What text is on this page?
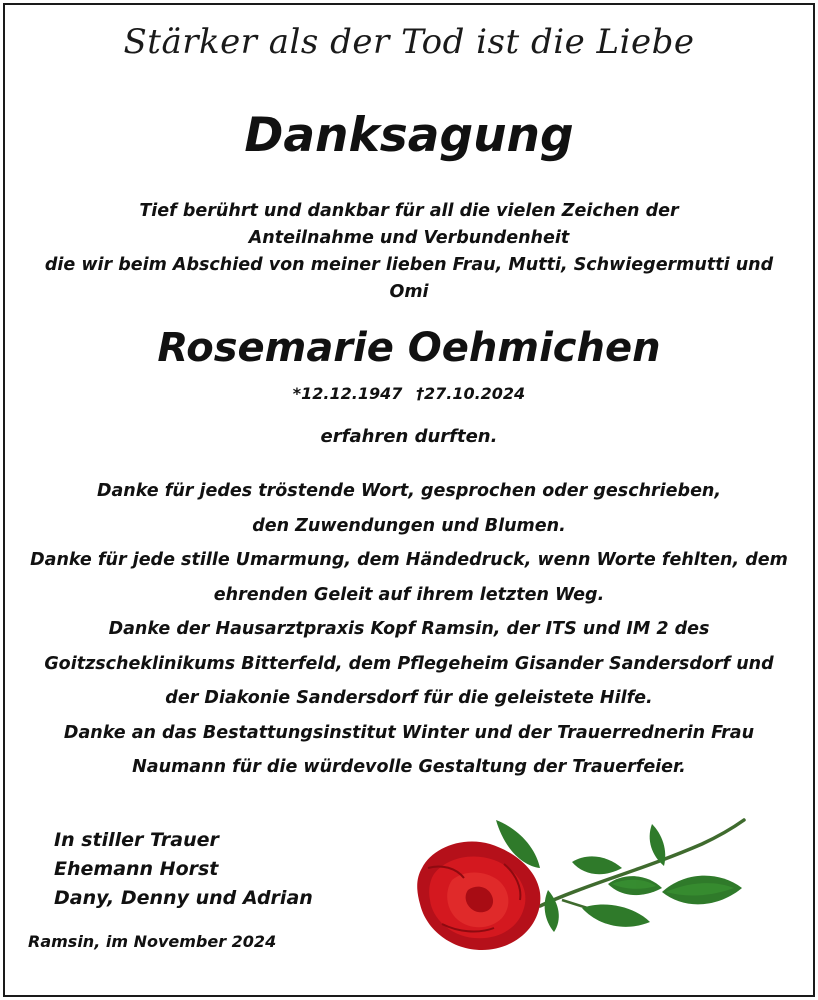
Stärker als der Tod ist die Liebe
Danksagung
Tief berührt und dankbar für all die vielen Zeichen der
Anteilnahme und Verbundenheit
die wir beim Abschied von meiner lieben Frau, Mutti, Schwiegermutti und
Omi
Rosemarie Oehmichen
*12.12.1947 †27.10.2024
erfahren durften.
Danke für jedes tröstende Wort, gesprochen oder geschrieben,
den Zuwendungen und Blumen.
Danke für jede stille Umarmung, dem Händedruck, wenn Worte fehlten, dem
ehrenden Geleit auf ihrem letzten Weg.
Danke der Hausarztpraxis Kopf Ramsin, der ITS und IM 2 des
Goitzscheklinikums Bitterfeld, dem Pflegeheim Gisander Sandersdorf und
der Diakonie Sandersdorf für die geleistete Hilfe.
Danke an das Bestattungsinstitut Winter und der Trauerrednerin Frau
Naumann für die würdevolle Gestaltung der Trauerfeier.
In stiller Trauer
Ehemann Horst
Dany, Denny und Adrian
Ramsin, im November 2024
